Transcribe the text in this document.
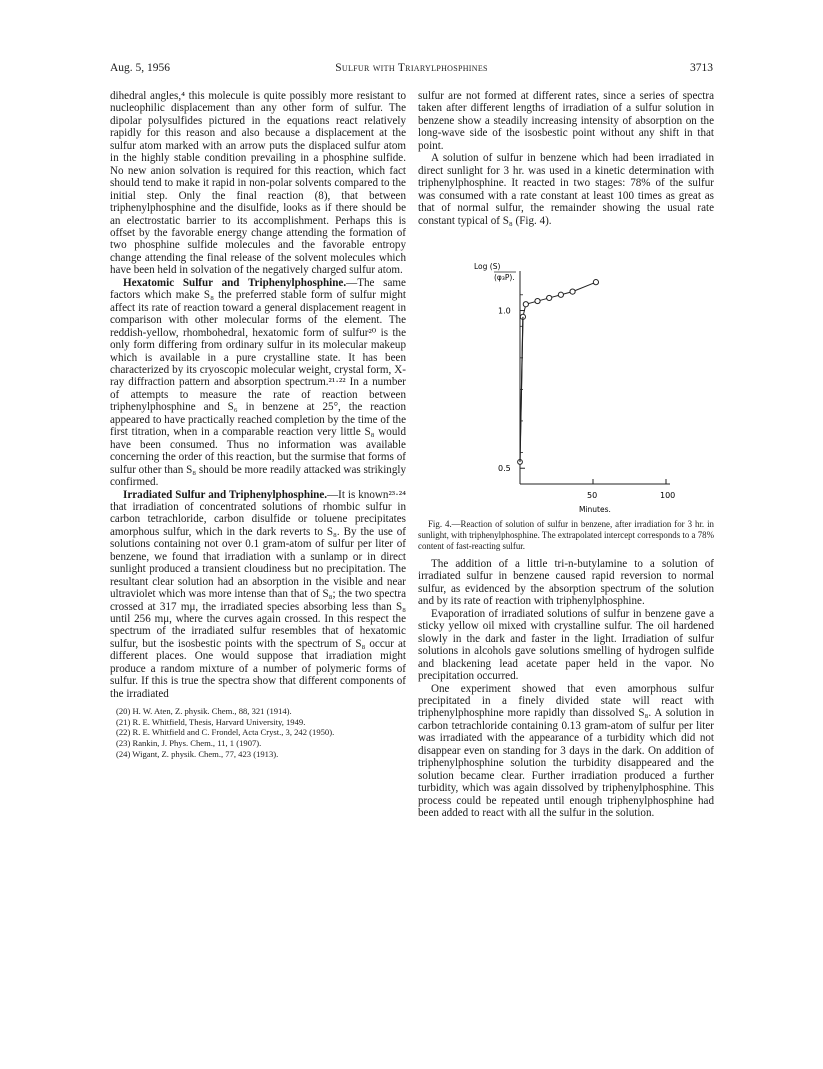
Aug. 5, 1956	Sulfur with Triarylphosphines	3713

dihedral angles,⁴ this molecule is quite possibly more resistant to nucleophilic displacement than any other form of sulfur. The dipolar polysulfides pictured in the equations react relatively rapidly for this reason and also because a displacement at the sulfur atom marked with an arrow puts the displaced sulfur atom in the highly stable condition prevailing in a phosphine sulfide. No new anion solvation is required for this reaction, which fact should tend to make it rapid in non-polar solvents compared to the initial step. Only the final reaction (8), that between triphenylphosphine and the disulfide, looks as if there should be an electrostatic barrier to its accomplishment. Perhaps this is offset by the favorable energy change attending the formation of two phosphine sulfide molecules and the favorable entropy change attending the final release of the solvent molecules which have been held in solvation of the negatively charged sulfur atom.

Hexatomic Sulfur and Triphenylphosphine.—The same factors which make S₈ the preferred stable form of sulfur might affect its rate of reaction toward a general displacement reagent in comparison with other molecular forms of the element. The reddish-yellow, rhombohedral, hexatomic form of sulfur²⁰ is the only form differing from ordinary sulfur in its molecular makeup which is available in a pure crystalline state. It has been characterized by its cryoscopic molecular weight, crystal form, X-ray diffraction pattern and absorption spectrum.²¹·²² In a number of attempts to measure the rate of reaction between triphenylphosphine and S₆ in benzene at 25°, the reaction appeared to have practically reached completion by the time of the first titration, when in a comparable reaction very little S₈ would have been consumed. Thus no information was available concerning the order of this reaction, but the surmise that forms of sulfur other than S₈ should be more readily attacked was strikingly confirmed.

Irradiated Sulfur and Triphenylphosphine.—It is known²³·²⁴ that irradiation of concentrated solutions of rhombic sulfur in carbon tetrachloride, carbon disulfide or toluene precipitates amorphous sulfur, which in the dark reverts to S₈. By the use of solutions containing not over 0.1 gram-atom of sulfur per liter of benzene, we found that irradiation with a sunlamp or in direct sunlight produced a transient cloudiness but no precipitation. The resultant clear solution had an absorption in the visible and near ultraviolet which was more intense than that of S₈; the two spectra crossed at 317 mμ, the irradiated species absorbing less than S₈ until 256 mμ, where the curves again crossed. In this respect the spectrum of the irradiated sulfur resembles that of hexatomic sulfur, but the isosbestic points with the spectrum of S₈ occur at different places. One would suppose that irradiation might produce a random mixture of a number of polymeric forms of sulfur. If this is true the spectra show that different components of the irradiated

(20) H. W. Aten, Z. physik. Chem., 88, 321 (1914).
(21) R. E. Whitfield, Thesis, Harvard University, 1949.
(22) R. E. Whitfield and C. Frondel, Acta Cryst., 3, 242 (1950).
(23) Rankin, J. Phys. Chem., 11, 1 (1907).
(24) Wigant, Z. physik. Chem., 77, 423 (1913).

sulfur are not formed at different rates, since a series of spectra taken after different lengths of irradiation of a sulfur solution in benzene show a steadily increasing intensity of absorption on the long-wave side of the isosbestic point without any shift in that point.

A solution of sulfur in benzene which had been irradiated in direct sunlight for 3 hr. was used in a kinetic determination with triphenylphosphine. It reacted in two stages: 78% of the sulfur was consumed with a rate constant at least 100 times as great as that of normal sulfur, the remainder showing the usual rate constant typical of S₈ (Fig. 4).

1.0
0.5
50	100
Log (S)
(φ₃P).
Minutes.
Fig. 4.—Reaction of solution of sulfur in benzene, after irradiation for 3 hr. in sunlight, with triphenylphosphine. The extrapolated intercept corresponds to a 78% content of fast-reacting sulfur.

The addition of a little tri-n-butylamine to a solution of irradiated sulfur in benzene caused rapid reversion to normal sulfur, as evidenced by the absorption spectrum of the solution and by its rate of reaction with triphenylphosphine.

Evaporation of irradiated solutions of sulfur in benzene gave a sticky yellow oil mixed with crystalline sulfur. The oil hardened slowly in the dark and faster in the light. Irradiation of sulfur solutions in alcohols gave solutions smelling of hydrogen sulfide and blackening lead acetate paper held in the vapor. No precipitation occurred.

One experiment showed that even amorphous sulfur precipitated in a finely divided state will react with triphenylphosphine more rapidly than dissolved S₈. A solution in carbon tetrachloride containing 0.13 gram-atom of sulfur per liter was irradiated with the appearance of a turbidity which did not disappear even on standing for 3 days in the dark. On addition of triphenylphosphine solution the turbidity disappeared and the solution became clear. Further irradiation produced a further turbidity, which was again dissolved by triphenylphosphine. This process could be repeated until enough triphenylphosphine had been added to react with all the sulfur in the solution.
